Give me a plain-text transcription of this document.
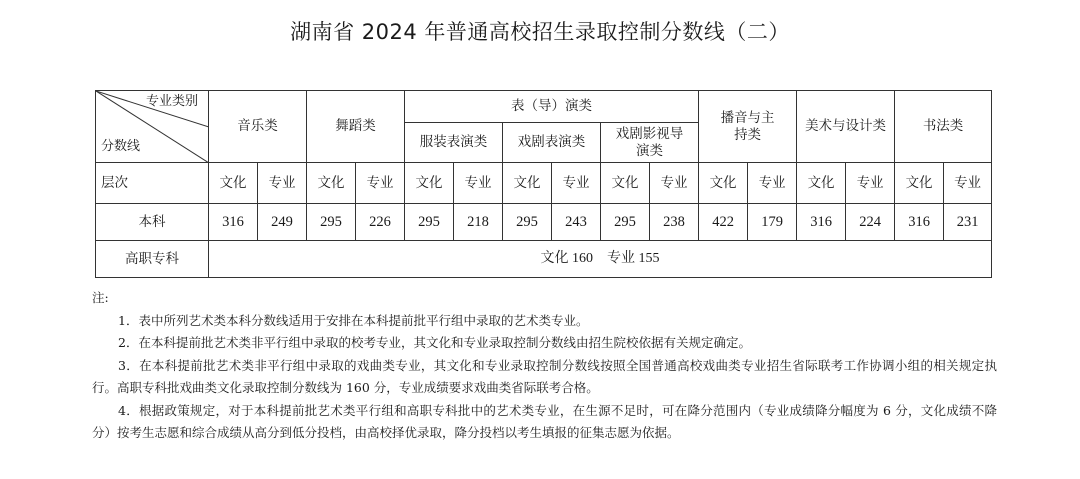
湖南省 2024 年普通高校招生录取控制分数线（二）
专业类别
分数线	音乐类		舞蹈类		表（导）演类						播音与主持类		美术与设计类		书法类	
					服装表演类		戏剧表演类		戏剧影视导演类							
层次	文化	专业	文化	专业	文化	专业	文化	专业	文化	专业	文化	专业	文化	专业	文化	专业
本科	316	249	295	226	295	218	295	243	295	238	422	179	316	224	316	231
高职专科	文化 160　专业 155															

注:

1．表中所列艺术类本科分数线适用于安排在本科提前批平行组中录取的艺术类专业。

2．在本科提前批艺术类非平行组中录取的校考专业，其文化和专业录取控制分数线由招生院校依据有关规定确定。

3．在本科提前批艺术类非平行组中录取的戏曲类专业，其文化和专业录取控制分数线按照全国普通高校戏曲类专业招生省际联考工作协调小组的相关规定执行。高职专科批戏曲类文化录取控制分数线为 160 分，专业成绩要求戏曲类省际联考合格。

4．根据政策规定，对于本科提前批艺术类平行组和高职专科批中的艺术类专业，在生源不足时，可在降分范围内（专业成绩降分幅度为 6 分，文化成绩不降分）按考生志愿和综合成绩从高分到低分投档，由高校择优录取，降分投档以考生填报的征集志愿为依据。
